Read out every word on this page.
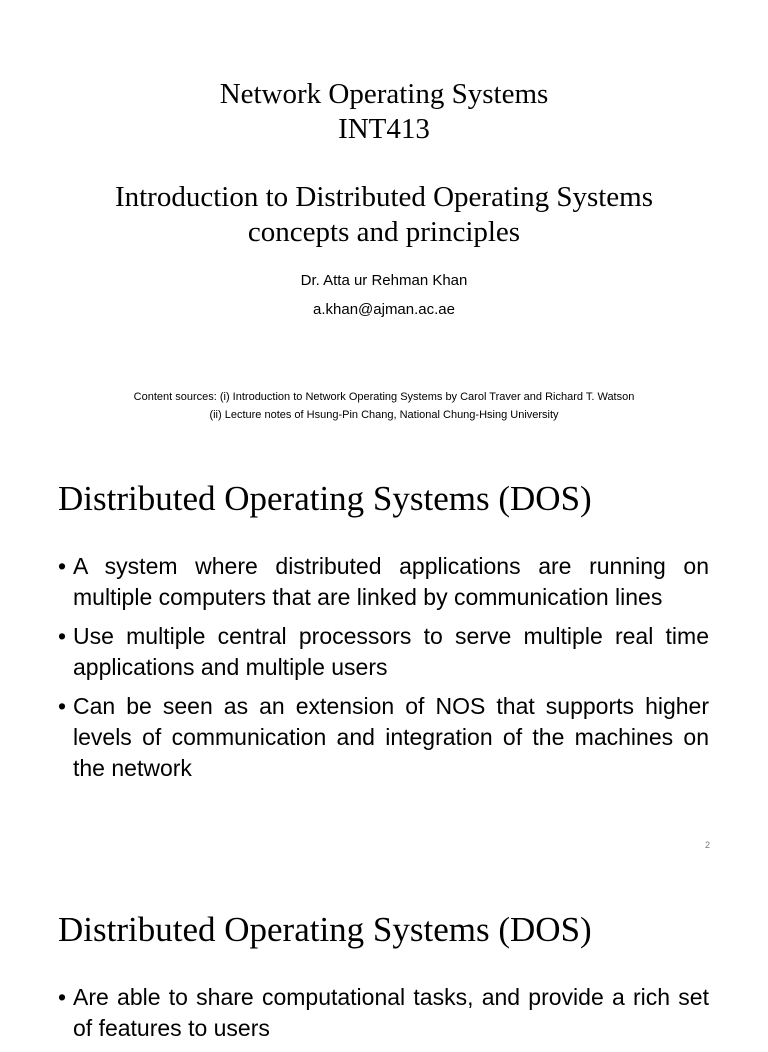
Network Operating Systems
INT413
Introduction to Distributed Operating Systems
concepts and principles
Dr. Atta ur Rehman Khan
a.khan@ajman.ac.ae
Content sources: (i) Introduction to Network Operating Systems by Carol Traver and Richard T. Watson
(ii) Lecture notes of Hsung-Pin Chang, National Chung-Hsing University
Distributed Operating Systems (DOS)
• A system where distributed applications are running on multiple computers that are linked by communication lines
• Use multiple central processors to serve multiple real time applications and multiple users
• Can be seen as an extension of NOS that supports higher levels of communication and integration of the machines on the network
2
Distributed Operating Systems (DOS)
• Are able to share computational tasks, and provide a rich set of features to users
